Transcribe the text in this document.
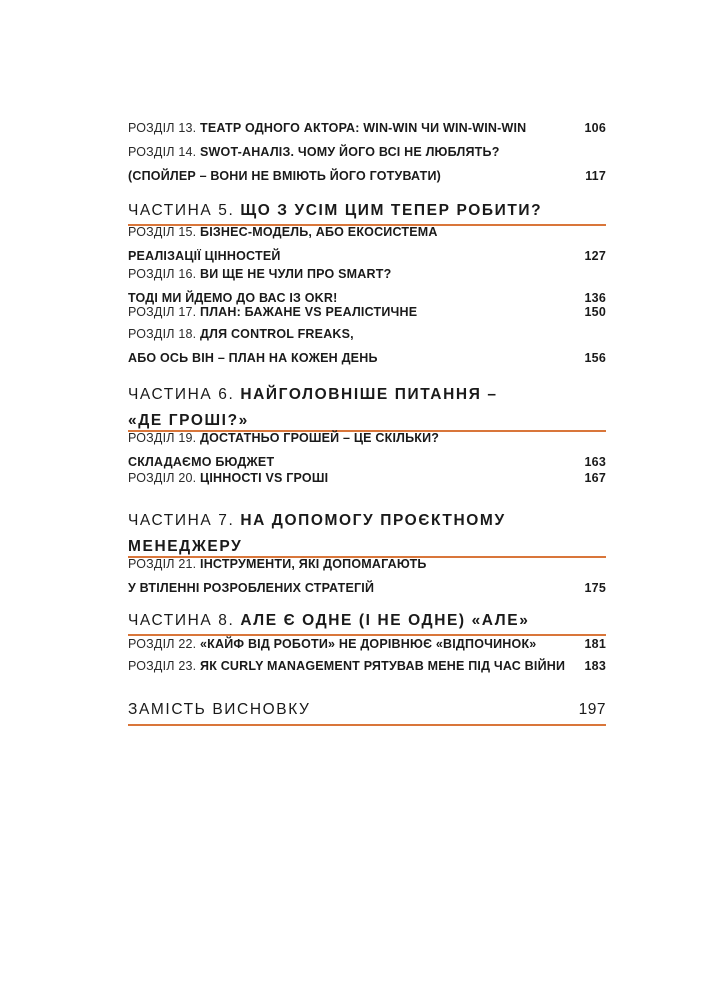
РОЗДІЛ 13. ТЕАТР ОДНОГО АКТОРА: WIN-WIN ЧИ WIN-WIN-WIN	106
РОЗДІЛ 14. SWOT-АНАЛІЗ. ЧОМУ ЙОГО ВСІ НЕ ЛЮБЛЯТЬ?
(СПОЙЛЕР – ВОНИ НЕ ВМІЮТЬ ЙОГО ГОТУВАТИ)	117
ЧАСТИНА 5. ЩО З УСІМ ЦИМ ТЕПЕР РОБИТИ?
РОЗДІЛ 15. БІЗНЕС-МОДЕЛЬ, АБО ЕКОСИСТЕМА
РЕАЛІЗАЦІЇ ЦІННОСТЕЙ	127
РОЗДІЛ 16. ВИ ЩЕ НЕ ЧУЛИ ПРО SMART?
ТОДІ МИ ЙДЕМО ДО ВАС ІЗ OKR!	136
РОЗДІЛ 17. ПЛАН: БАЖАНЕ VS РЕАЛІСТИЧНЕ	150
РОЗДІЛ 18. ДЛЯ CONTROL FREAKS,
АБО ОСЬ ВІН – ПЛАН НА КОЖЕН ДЕНЬ	156
ЧАСТИНА 6. НАЙГОЛОВНІШЕ ПИТАННЯ –
«ДЕ ГРОШІ?»
РОЗДІЛ 19. ДОСТАТНЬО ГРОШЕЙ – ЦЕ СКІЛЬКИ?
СКЛАДАЄМО БЮДЖЕТ	163
РОЗДІЛ 20. ЦІННОСТІ VS ГРОШІ	167
ЧАСТИНА 7. НА ДОПОМОГУ ПРОЄКТНОМУ
МЕНЕДЖЕРУ
РОЗДІЛ 21. ІНСТРУМЕНТИ, ЯКІ ДОПОМАГАЮТЬ
У ВТІЛЕННІ РОЗРОБЛЕНИХ СТРАТЕГІЙ	175
ЧАСТИНА 8. АЛЕ Є ОДНЕ (І НЕ ОДНЕ) «АЛЕ»
РОЗДІЛ 22. «КАЙФ ВІД РОБОТИ» НЕ ДОРІВНЮЄ «ВІДПОЧИНОК»	181
РОЗДІЛ 23. ЯК CURLY MANAGEMENT РЯТУВАВ МЕНЕ ПІД ЧАС ВІЙНИ 183
ЗАМІСТЬ ВИСНОВКУ	197
